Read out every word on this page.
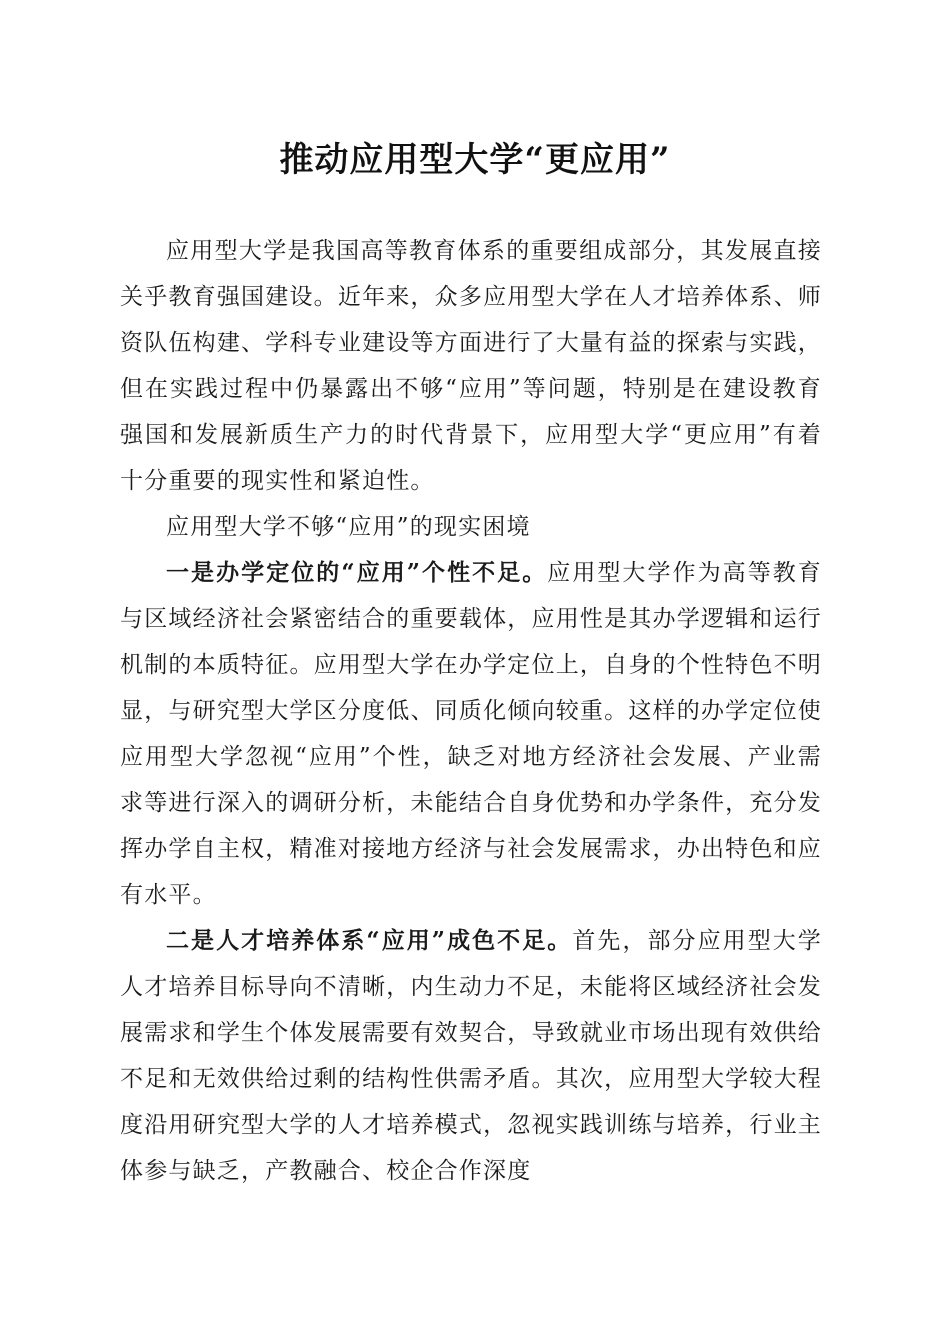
推动应用型大学“更应用”

应用型大学是我国高等教育体系的重要组成部分，其发展直接关乎教育强国建设。近年来，众多应用型大学在人才培养体系、师资队伍构建、学科专业建设等方面进行了大量有益的探索与实践，但在实践过程中仍暴露出不够“应用”等问题，特别是在建设教育强国和发展新质生产力的时代背景下，应用型大学“更应用”有着十分重要的现实性和紧迫性。

应用型大学不够“应用”的现实困境

一是办学定位的“应用”个性不足。应用型大学作为高等教育与区域经济社会紧密结合的重要载体，应用性是其办学逻辑和运行机制的本质特征。应用型大学在办学定位上，自身的个性特色不明显，与研究型大学区分度低、同质化倾向较重。这样的办学定位使应用型大学忽视“应用”个性，缺乏对地方经济社会发展、产业需求等进行深入的调研分析，未能结合自身优势和办学条件，充分发挥办学自主权，精准对接地方经济与社会发展需求，办出特色和应有水平。

二是人才培养体系“应用”成色不足。首先，部分应用型大学人才培养目标导向不清晰，内生动力不足，未能将区域经济社会发展需求和学生个体发展需要有效契合，导致就业市场出现有效供给不足和无效供给过剩的结构性供需矛盾。其次，应用型大学较大程度沿用研究型大学的人才培养模式，忽视实践训练与培养，行业主体参与缺乏，产教融合、校企合作深度
